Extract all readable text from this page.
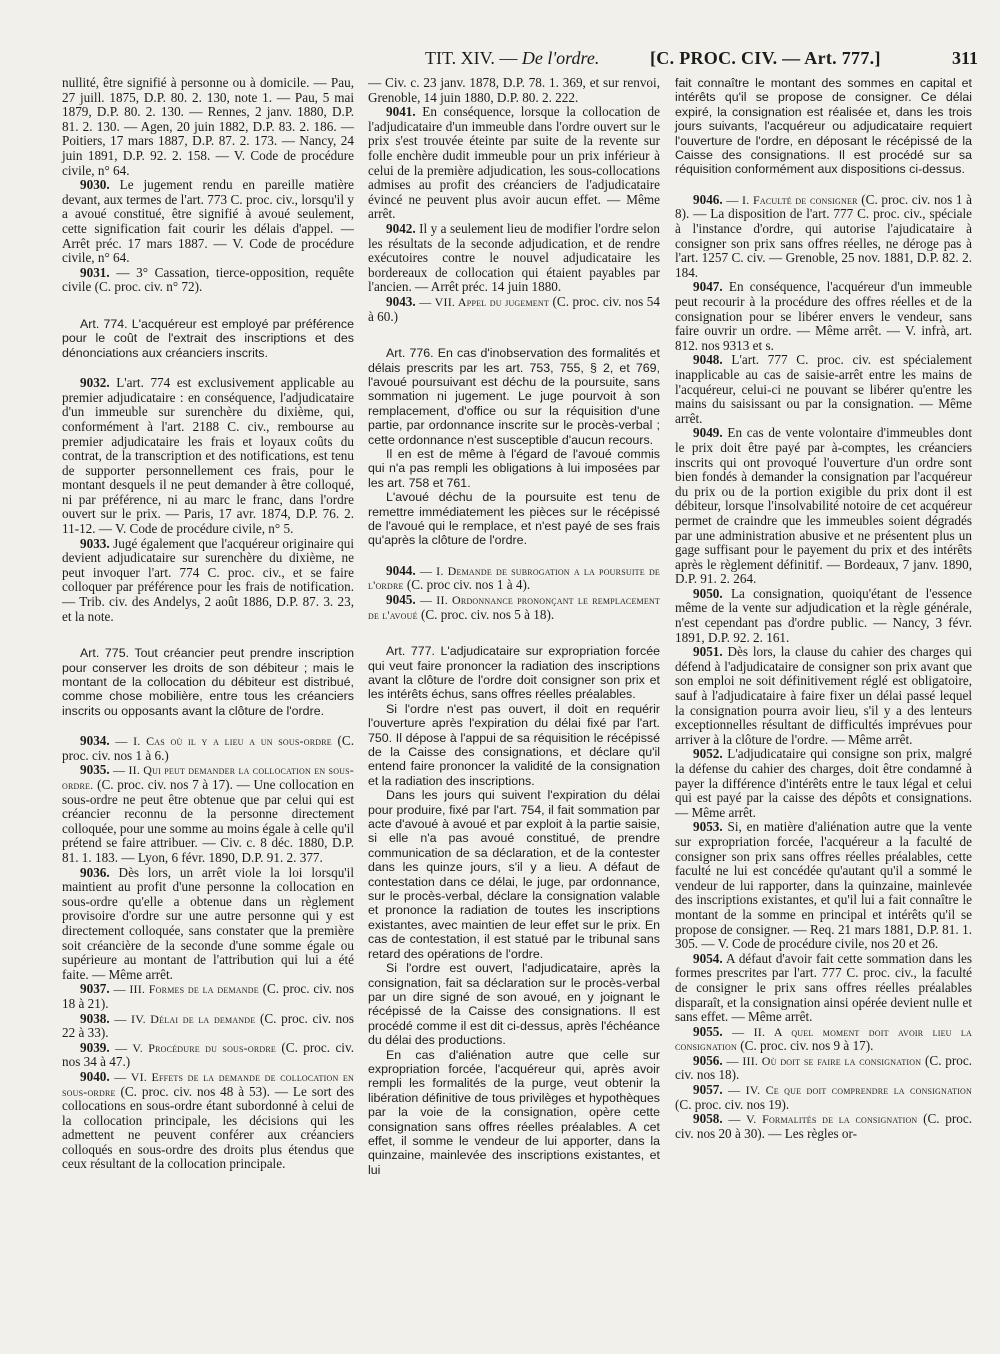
TIT. XIV. — De l'ordre.	[C. PROC. CIV. — Art. 777.]	311

nullité, être signifié à personne ou à domicile. — Pau, 27 juill. 1875, D.P. 80. 2. 130, note 1. — Pau, 5 mai 1879, D.P. 80. 2. 130. — Rennes, 2 janv. 1880, D.P. 81. 2. 130. — Agen, 20 juin 1882, D.P. 83. 2. 186. — Poitiers, 17 mars 1887, D.P. 87. 2. 173. — Nancy, 24 juin 1891, D.P. 92. 2. 158. — V. Code de procédure civile, n° 64.

9030. Le jugement rendu en pareille matière devant, aux termes de l'art. 773 C. proc. civ., lorsqu'il y a avoué constitué, être signifié à avoué seulement, cette signification fait courir les délais d'appel. — Arrêt préc. 17 mars 1887. — V. Code de procédure civile, n° 64.

9031. — 3° Cassation, tierce-opposition, requête civile (C. proc. civ. n° 72).

Art. 774. L'acquéreur est employé par préférence pour le coût de l'extrait des inscriptions et des dénonciations aux créanciers inscrits.

9032. L'art. 774 est exclusivement applicable au premier adjudicataire : en conséquence, l'adjudicataire d'un immeuble sur surenchère du dixième, qui, conformément à l'art. 2188 C. civ., rembourse au premier adjudicataire les frais et loyaux coûts du contrat, de la transcription et des notifications, est tenu de supporter personnellement ces frais, pour le montant desquels il ne peut demander à être colloqué, ni par préférence, ni au marc le franc, dans l'ordre ouvert sur le prix. — Paris, 17 avr. 1874, D.P. 76. 2. 11-12. — V. Code de procédure civile, n° 5.

9033. Jugé également que l'acquéreur originaire qui devient adjudicataire sur surenchère du dixième, ne peut invoquer l'art. 774 C. proc. civ., et se faire colloquer par préférence pour les frais de notification. — Trib. civ. des Andelys, 2 août 1886, D.P. 87. 3. 23, et la note.

Art. 775. Tout créancier peut prendre inscription pour conserver les droits de son débiteur ; mais le montant de la collocation du débiteur est distribué, comme chose mobilière, entre tous les créanciers inscrits ou opposants avant la clôture de l'ordre.

9034. — I. Cas où il y a lieu a un sous-ordre (C. proc. civ. nos 1 à 6.)

9035. — II. Qui peut demander la collocation en sous-ordre. (C. proc. civ. nos 7 à 17). — Une collocation en sous-ordre ne peut être obtenue que par celui qui est créancier reconnu de la personne directement colloquée, pour une somme au moins égale à celle qu'il prétend se faire attribuer. — Civ. c. 8 déc. 1880, D.P. 81. 1. 183. — Lyon, 6 févr. 1890, D.P. 91. 2. 377.

9036. Dès lors, un arrêt viole la loi lorsqu'il maintient au profit d'une personne la collocation en sous-ordre qu'elle a obtenue dans un règlement provisoire d'ordre sur une autre personne qui y est directement colloquée, sans constater que la première soit créancière de la seconde d'une somme égale ou supérieure au montant de l'attribution qui lui a été faite. — Même arrêt.

9037. — III. Formes de la demande (C. proc. civ. nos 18 à 21).

9038. — IV. Délai de la demande (C. proc. civ. nos 22 à 33).

9039. — V. Procédure du sous-ordre (C. proc. civ. nos 34 à 47.)

9040. — VI. Effets de la demande de collocation en sous-ordre (C. proc. civ. nos 48 à 53). — Le sort des collocations en sous-ordre étant subordonné à celui de la collocation principale, les décisions qui les admettent ne peuvent conférer aux créanciers colloqués en sous-ordre des droits plus étendus que ceux résultant de la collocation principale.

— Civ. c. 23 janv. 1878, D.P. 78. 1. 369, et sur renvoi, Grenoble, 14 juin 1880, D.P. 80. 2. 222.

9041. En conséquence, lorsque la collocation de l'adjudicataire d'un immeuble dans l'ordre ouvert sur le prix s'est trouvée éteinte par suite de la revente sur folle enchère dudit immeuble pour un prix inférieur à celui de la première adjudication, les sous-collocations admises au profit des créanciers de l'adjudicataire évincé ne peuvent plus avoir aucun effet. — Même arrêt.

9042. Il y a seulement lieu de modifier l'ordre selon les résultats de la seconde adjudication, et de rendre exécutoires contre le nouvel adjudicataire les bordereaux de collocation qui étaient payables par l'ancien. — Arrêt préc. 14 juin 1880.

9043. — VII. Appel du jugement (C. proc. civ. nos 54 à 60.)

Art. 776. En cas d'inobservation des formalités et délais prescrits par les art. 753, 755, § 2, et 769, l'avoué poursuivant est déchu de la poursuite, sans sommation ni jugement. Le juge pourvoit à son remplacement, d'office ou sur la réquisition d'une partie, par ordonnance inscrite sur le procès-verbal ; cette ordonnance n'est susceptible d'aucun recours.

Il en est de même à l'égard de l'avoué commis qui n'a pas rempli les obligations à lui imposées par les art. 758 et 761.

L'avoué déchu de la poursuite est tenu de remettre immédiatement les pièces sur le récépissé de l'avoué qui le remplace, et n'est payé de ses frais qu'après la clôture de l'ordre.

9044. — I. Demande de subrogation a la poursuite de l'ordre (C. proc civ. nos 1 à 4).

9045. — II. Ordonnance prononçant le remplacement de l'avoué (C. proc. civ. nos 5 à 18).

Art. 777. L'adjudicataire sur expropriation forcée qui veut faire prononcer la radiation des inscriptions avant la clôture de l'ordre doit consigner son prix et les intérêts échus, sans offres réelles préalables.

Si l'ordre n'est pas ouvert, il doit en requérir l'ouverture après l'expiration du délai fixé par l'art. 750. Il dépose à l'appui de sa réquisition le récépissé de la Caisse des consignations, et déclare qu'il entend faire prononcer la validité de la consignation et la radiation des inscriptions.

Dans les jours qui suivent l'expiration du délai pour produire, fixé par l'art. 754, il fait sommation par acte d'avoué à avoué et par exploit à la partie saisie, si elle n'a pas avoué constitué, de prendre communication de sa déclaration, et de la contester dans les quinze jours, s'il y a lieu. A défaut de contestation dans ce délai, le juge, par ordonnance, sur le procès-verbal, déclare la consignation valable et prononce la radiation de toutes les inscriptions existantes, avec maintien de leur effet sur le prix. En cas de contestation, il est statué par le tribunal sans retard des opérations de l'ordre.

Si l'ordre est ouvert, l'adjudicataire, après la consignation, fait sa déclaration sur le procès-verbal par un dire signé de son avoué, en y joignant le récépissé de la Caisse des consignations. Il est procédé comme il est dit ci-dessus, après l'échéance du délai des productions.

En cas d'aliénation autre que celle sur expropriation forcée, l'acquéreur qui, après avoir rempli les formalités de la purge, veut obtenir la libération définitive de tous privilèges et hypothèques par la voie de la consignation, opère cette consignation sans offres réelles préalables. A cet effet, il somme le vendeur de lui apporter, dans la quinzaine, mainlevée des inscriptions existantes, et lui

fait connaître le montant des sommes en capital et intérêts qu'il se propose de consigner. Ce délai expiré, la consignation est réalisée et, dans les trois jours suivants, l'acquéreur ou adjudicataire requiert l'ouverture de l'ordre, en déposant le récépissé de la Caisse des consignations. Il est procédé sur sa réquisition conformément aux dispositions ci-dessus.

9046. — I. Faculté de consigner (C. proc. civ. nos 1 à 8). — La disposition de l'art. 777 C. proc. civ., spéciale à l'instance d'ordre, qui autorise l'ajudicataire à consigner son prix sans offres réelles, ne déroge pas à l'art. 1257 C. civ. — Grenoble, 25 nov. 1881, D.P. 82. 2. 184.

9047. En conséquence, l'acquéreur d'un immeuble peut recourir à la procédure des offres réelles et de la consignation pour se libérer envers le vendeur, sans faire ouvrir un ordre. — Même arrêt. — V. infrà, art. 812. nos 9313 et s.

9048. L'art. 777 C. proc. civ. est spécialement inapplicable au cas de saisie-arrêt entre les mains de l'acquéreur, celui-ci ne pouvant se libérer qu'entre les mains du saisissant ou par la consignation. — Même arrêt.

9049. En cas de vente volontaire d'immeubles dont le prix doit être payé par à-comptes, les créanciers inscrits qui ont provoqué l'ouverture d'un ordre sont bien fondés à demander la consignation par l'acquéreur du prix ou de la portion exigible du prix dont il est débiteur, lorsque l'insolvabilité notoire de cet acquéreur permet de craindre que les immeubles soient dégradés par une administration abusive et ne présentent plus un gage suffisant pour le payement du prix et des intérêts après le règlement définitif. — Bordeaux, 7 janv. 1890, D.P. 91. 2. 264.

9050. La consignation, quoiqu'étant de l'essence même de la vente sur adjudication et la règle générale, n'est cependant pas d'ordre public. — Nancy, 3 févr. 1891, D.P. 92. 2. 161.

9051. Dès lors, la clause du cahier des charges qui défend à l'adjudicataire de consigner son prix avant que son emploi ne soit définitivement réglé est obligatoire, sauf à l'adjudicataire à faire fixer un délai passé lequel la consignation pourra avoir lieu, s'il y a des lenteurs exceptionnelles résultant de difficultés imprévues pour arriver à la clôture de l'ordre. — Même arrêt.

9052. L'adjudicataire qui consigne son prix, malgré la défense du cahier des charges, doit être condamné à payer la différence d'intérêts entre le taux légal et celui qui est payé par la caisse des dépôts et consignations. — Même arrêt.

9053. Si, en matière d'aliénation autre que la vente sur expropriation forcée, l'acquéreur a la faculté de consigner son prix sans offres réelles préalables, cette faculté ne lui est concédée qu'autant qu'il a sommé le vendeur de lui rapporter, dans la quinzaine, mainlevée des inscriptions existantes, et qu'il lui a fait connaître le montant de la somme en principal et intérêts qu'il se propose de consigner. — Req. 21 mars 1881, D.P. 81. 1. 305. — V. Code de procédure civile, nos 20 et 26.

9054. A défaut d'avoir fait cette sommation dans les formes prescrites par l'art. 777 C. proc. civ., la faculté de consigner le prix sans offres réelles préalables disparaît, et la consignation ainsi opérée devient nulle et sans effet. — Même arrêt.

9055. — II. A quel moment doit avoir lieu la consignation (C. proc. civ. nos 9 à 17).

9056. — III. Où doit se faire la consignation (C. proc. civ. nos 18).

9057. — IV. Ce que doit comprendre la consignation (C. proc. civ. nos 19).

9058. — V. Formalités de la consignation (C. proc. civ. nos 20 à 30). — Les règles or-
